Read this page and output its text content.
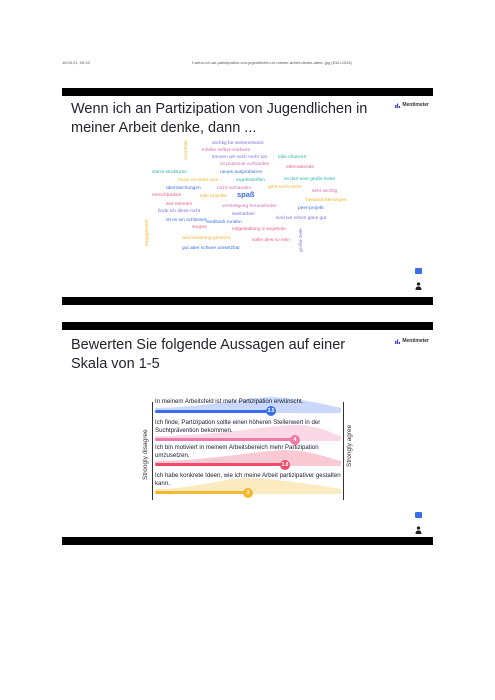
15.09.21, 09:32	f-wenn-ich-an-partizipation-von-jugendlichen-in-meiner-arbeit-denke-dann-.jpg (512×1024)
Wenn ich an Partizipation von Jugendlichen in meiner Arbeit denke, dann ...
Mentimeter
wichtig für weiterentwick
inhalte selbst erarbeite
können wir noch mehr tun tolle chancen
ist potenzial vorhanden
elternabende
starre strukturen	neues ausprobieren
muss es mehr sein	ergebnisoffen	ist dort eine große lücke
überraschungen	nicht vorhanden	geht noch mehr
sehr wichtig
erreichbarkeit	tolle projekte spaß
herausforderungen
zeit nehmen	verstetigung herausforder	peer-projekt
finde ich diese nicht
teamarbeit
sind wir schon ganz gut
ist es ein schlüssel feedback runden
sorgen	mitgestaltung d angebote
wird zusamng gemeint	sollte dies so sein
gut aber schwer umsetzbar
vorurteile
engagement	große ziele
Bewerten Sie folgende Aussagen auf einer Skala von 1-5
Mentimeter
Strongly disagree	Strongly agree
In meinem Arbeitsfeld ist mehr Partizipation erwünscht.
3.5
Ich finde, Partizipation sollte einen höheren Stellenwert in der Suchtprävention bekommen.
4
Ich bin motiviert in meinem Arbeitsbereich mehr Partizipation umzusetzen.
3.8
Ich habe konkrete Ideen, wie ich meine Arbeit partizipativer gestalten kann.
3
